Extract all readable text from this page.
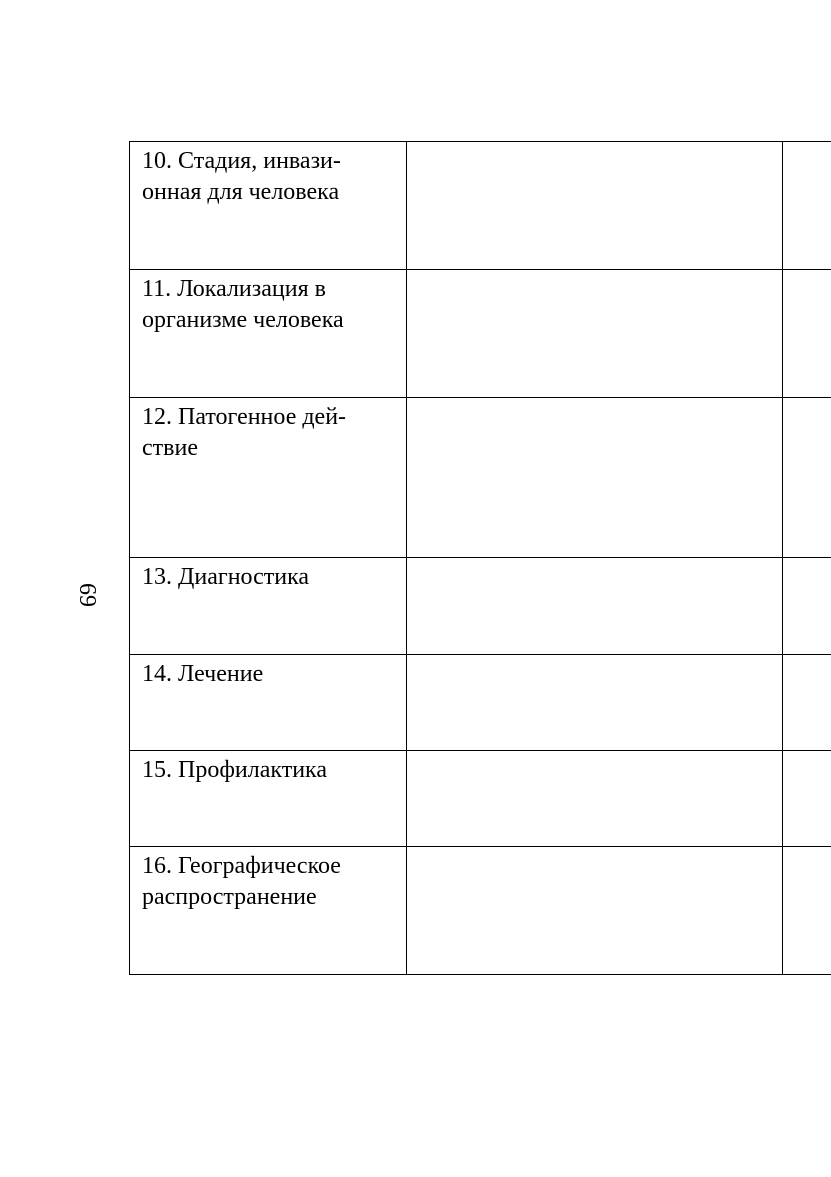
69
10. Стадия, инвази-
онная для человека
11. Локализация в
организме человека
12. Патогенное дей-
ствие
13. Диагностика
14. Лечение
15. Профилактика
16. Географическое
распространение
